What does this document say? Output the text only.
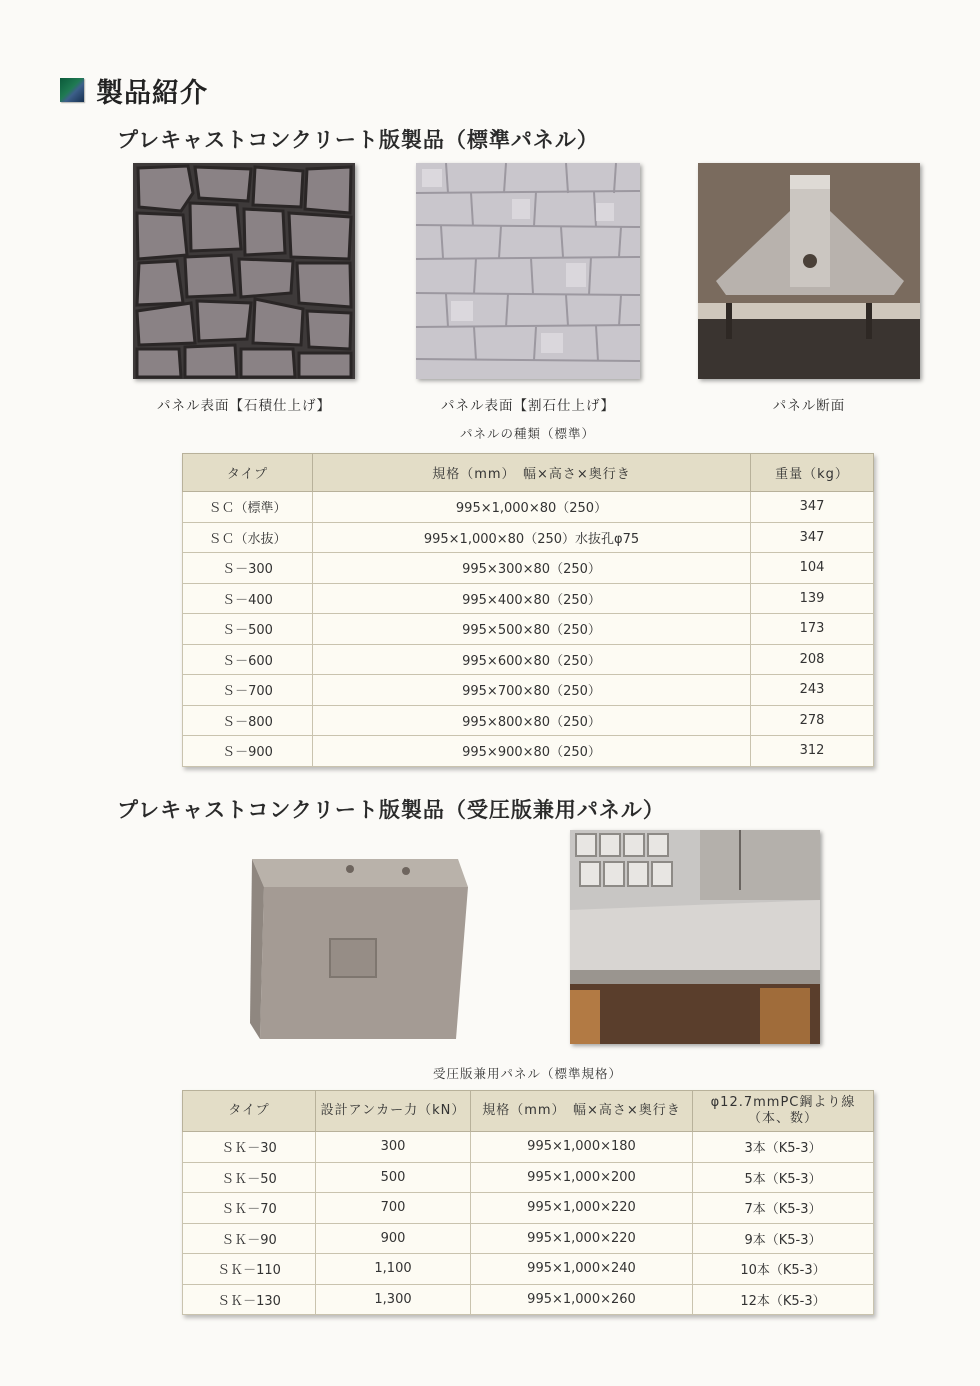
製品紹介
プレキャストコンクリート版製品（標準パネル）
パネル表面【石積仕上げ】	パネル表面【割石仕上げ】	パネル断面
パネルの種類（標準）
タイプ	規格（mm）　幅×高さ×奥行き	重量（kg）
ＳＣ（標準）	995×1,000×80（250）	347
ＳＣ（水抜）	995×1,000×80（250）水抜孔φ75	347
Ｓ－300	995×300×80（250）	104
Ｓ－400	995×400×80（250）	139
Ｓ－500	995×500×80（250）	173
Ｓ－600	995×600×80（250）	208
Ｓ－700	995×700×80（250）	243
Ｓ－800	995×800×80（250）	278
Ｓ－900	995×900×80（250）	312
プレキャストコンクリート版製品（受圧版兼用パネル）
受圧版兼用パネル（標準規格）
タイプ	設計アンカー力（kN）	規格（mm）　幅×高さ×奥行き	φ12.7mmPC鋼より線
（本、数）

ＳＫ－30	300	995×1,000×180	3本（K5-3）
ＳＫ－50	500	995×1,000×200	5本（K5-3）
ＳＫ－70	700	995×1,000×220	7本（K5-3）
ＳＫ－90	900	995×1,000×220	9本（K5-3）
ＳＫ－110	1,100	995×1,000×240	10本（K5-3）
ＳＫ－130	1,300	995×1,000×260	12本（K5-3）
